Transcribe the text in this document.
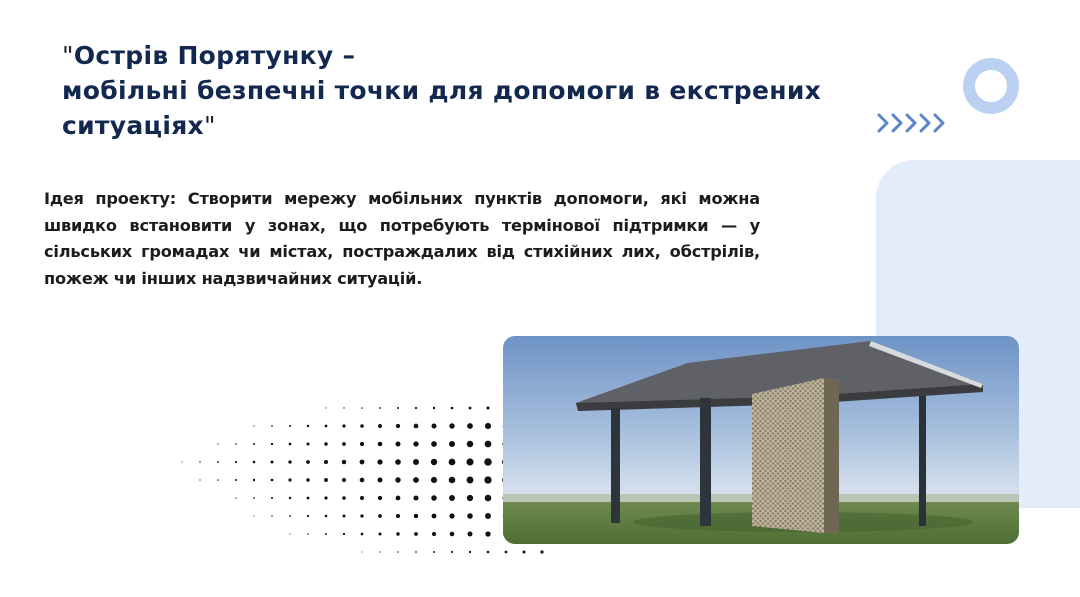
"Острів Порятунку –
мобільні безпечні точки для допомоги в екстрених
ситуаціях"

Ідея проекту: Створити мережу мобільних пунктів допомоги, які можна швидко встановити у зонах, що потребують термінової підтримки — у сільських громадах чи містах, постраждалих від стихійних лих, обстрілів, пожеж чи інших надзвичайних ситуацій.
